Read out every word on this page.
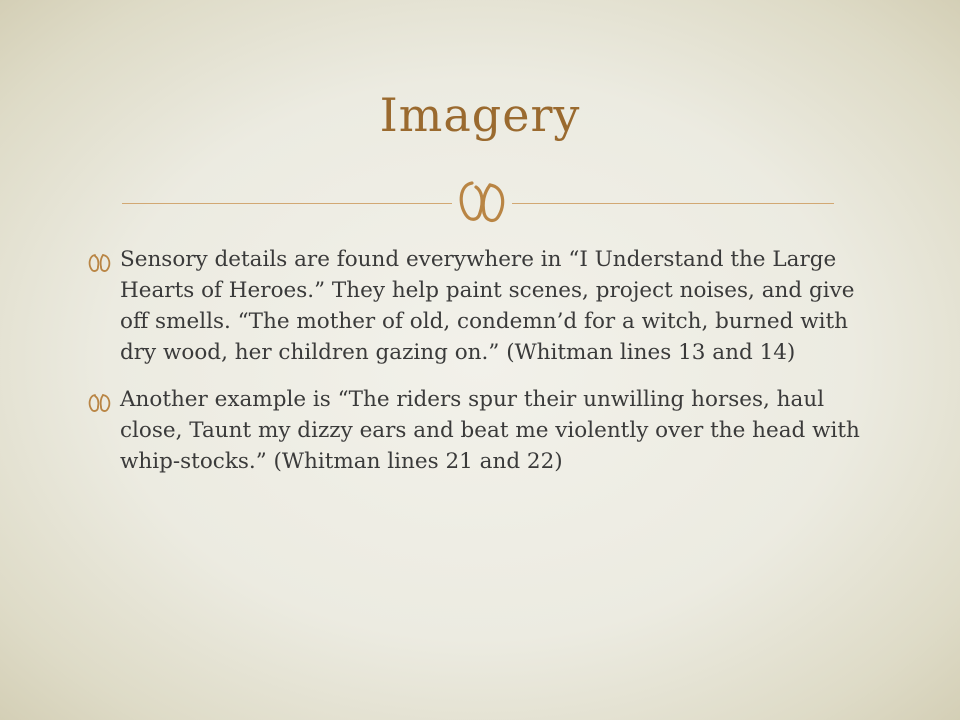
Imagery
Sensory details are found everywhere in “I Understand the Large Hearts of Heroes.” They help paint scenes, project noises, and give off smells. “The mother of old, condemn’d for a witch, burned with dry wood, her children gazing on.” (Whitman lines 13 and 14)
Another example is “The riders spur their unwilling horses, haul close, Taunt my dizzy ears and beat me violently over the head with whip-stocks.” (Whitman lines 21 and 22)
